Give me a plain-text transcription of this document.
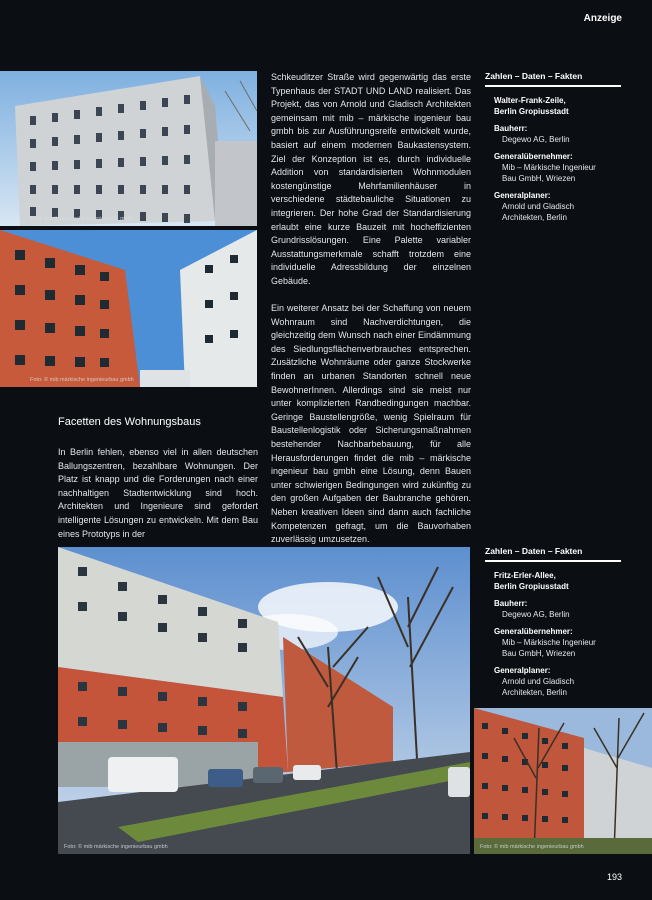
Anzeige
Foto: © mib märkische ingenieurbau gmbh
Foto: © mib märkische ingenieurbau gmbh
Facetten des Wohnungsbaus

In Berlin fehlen, ebenso viel in allen deutschen Ballungszentren, bezahlbare Wohnungen. Der Platz ist knapp und die Forderungen nach einer nachhaltigen Stadtentwicklung sind hoch. Architekten und Ingenieure sind gefordert intelligente Lösungen zu entwickeln. Mit dem Bau eines Prototyps in der

Schkeuditzer Straße wird gegenwärtig das erste Typenhaus der STADT UND LAND realisiert. Das Projekt, das von Arnold und Gladisch Architekten gemeinsam mit mib – märkische ingenieur bau gmbh bis zur Ausführungsreife entwickelt wurde, basiert auf einem modernen Baukastensystem. Ziel der Konzeption ist es, durch individuelle Addition von standardisierten Wohnmodulen kostengünstige Mehrfamilienhäuser in verschiedene städtebauliche Situationen zu integrieren. Der hohe Grad der Standardisierung erlaubt eine kurze Bauzeit mit hocheffizienten Grundrisslösungen. Eine Palette variabler Ausstattungsmerkmale schafft trotzdem eine individuelle Adressbildung der einzelnen Gebäude.

Ein weiterer Ansatz bei der Schaffung von neuem Wohnraum sind Nachverdichtungen, die gleichzeitig dem Wunsch nach einer Eindämmung des Siedlungsflächenverbrauches entsprechen. Zusätzliche Wohnräume oder ganze Stockwerke finden an urbanen Standorten schnell neue BewohnerInnen. Allerdings sind sie meist nur unter komplizierten Randbedingungen machbar. Geringe Baustellengröße, wenig Spielraum für Baustellenlogistik oder Sicherungsmaßnahmen bestehender Nachbarbebauung, für alle Herausforderungen findet die mib – märkische ingenieur bau gmbh eine Lösung, denn Bauen unter schwierigen Bedingungen wird zukünftig zu den großen Aufgaben der Baubranche gehören. Neben kreativen Ideen sind dann auch fachliche Kompetenzen gefragt, um die Bauvorhaben zuverlässig umzusetzen.

Zahlen – Daten – Fakten
Walter-Frank-Zeile,
Berlin Gropiusstadt
Bauherr:
Degewo AG, Berlin
Generalübernehmer:
Mib – Märkische Ingenieur
Bau GmbH, Wriezen
Generalplaner:
Arnold und Gladisch
Architekten, Berlin
Foto: © mib märkische ingenieurbau gmbh
Zahlen – Daten – Fakten
Fritz-Erler-Allee,
Berlin Gropiusstadt
Bauherr:
Degewo AG, Berlin
Generalübernehmer:
Mib – Märkische Ingenieur
Bau GmbH, Wriezen
Generalplaner:
Arnold und Gladisch
Architekten, Berlin
Foto: © mib märkische ingenieurbau gmbh
193
